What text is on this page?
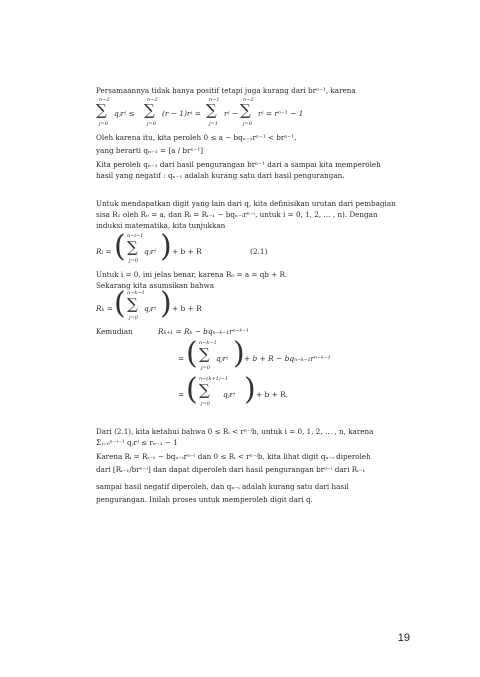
Persamaannya tidak hanya positif tetapi juga kurang dari brⁿ⁻¹, karena
n−2
∑
j=0
qⱼrʲ ≤
n−2
∑
j=0
(r − 1)rʲ =
n−1
∑
j=1
rʲ −
n−2
∑
j=0
rʲ = rⁿ⁻¹ − 1
Oleh karena itu, kita peroleh 0 ≤ a − bqₙ₋₁rⁿ⁻¹ < brⁿ⁻¹,
yang berarti qₙ₋₁ = [a / brⁿ⁻¹]
Kita peroleh qₙ₋₁ dari hasil pengurangan brⁿ⁻¹ dari a sampai kita memperoleh
hasil yang negatif : qₙ₋₁ adalah kurang satu dari hasil pengurangan.
Untuk mendapatkan digit yang lain dari q, kita definisikan urutan dari pembagian
sisa R₁ oleh R₀ = a, dan Rᵢ = Rᵢ₋₁ − bqₙ₋ᵢrⁿ⁻ⁱ, untuk i = 0, 1, 2, … , n). Dengan
induksi matematika, kita tunjukkan
Rᵢ = ( n−i−1
∑
j=0
qⱼrʲ ) + b + R	(2.1)
Untuk i = 0, ini jelas benar, karena R₀ = a = qb + R.
Sekarang kita asumsikan bahwa
Rₖ = ( n−k−1
∑
j=0
qⱼrʲ ) + b + R
Kemudian	Rₖ₊₁ = Rₖ − bqₙ₋ₖ₋₁rⁿ⁻ᵏ⁻¹
= ( n−k−1
∑
j=0
qⱼrʲ ) + b + R − bqₙ₋ₖ₋₁rⁿ⁻ᵏ⁻¹
= ( n−(k+1)−1
∑
j=0
qⱼrʲ ) + b + R.
Dari (2.1), kita ketahui bahwa 0 ≤ Rᵢ < rⁿ⁻ⁱb, untuk i = 0, 1, 2, … , n, karena
Σⱼ₌₀ⁿ⁻ⁱ⁻¹ qⱼrʲ ≤ rₙ₋₁ − 1
Karena Rᵢ = Rᵢ₋₁ − bqₙ₋ᵢrⁿ⁻ⁱ dan 0 ≤ Rᵢ < rⁿ⁻ⁱb, kita lihat digit qₙ₋ᵢ diperoleh
dari [Rᵢ₋₁/brⁿ⁻ⁱ] dan dapat diperoleh dari hasil pengurangan brⁿ⁻ⁱ dari Rᵢ₋₁
sampai hasil negatif diperoleh, dan qₙ₋ᵢ adalah kurang satu dari hasil
pengurangan. Inilah proses untuk memperoleh digit dari q.
19
